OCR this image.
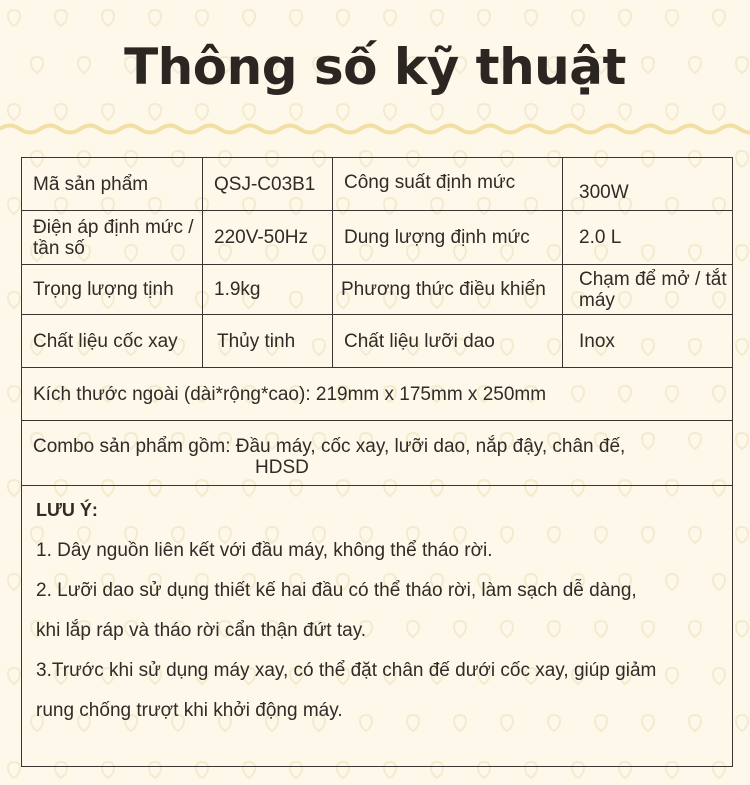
Thông số kỹ thuật
Mã sản phẩm	QSJ-C03B1	Công suất định mức	300W
Điện áp định mức / tần số	220V-50Hz	Dung lượng định mức	2.0 L
Trọng lượng tịnh	1.9kg	Phương thức điều khiển	Chạm để mở / tắt máy
Chất liệu cốc xay	Thủy tinh	Chất liệu lưỡi dao	Inox
Kích thước ngoài (dài*rộng*cao): 219mm x 175mm x 250mm
Combo sản phẩm gồm: Đầu máy, cốc xay, lưỡi dao, nắp đậy, chân đế,
HDSD
LƯU Ý:
1. Dây nguồn liên kết với đầu máy, không thể tháo rời.
2. Lưỡi dao sử dụng thiết kế hai đầu có thể tháo rời, làm sạch dễ dàng,
khi lắp ráp và tháo rời cẩn thận đứt tay.
3.Trước khi sử dụng máy xay, có thể đặt chân đế dưới cốc xay, giúp giảm
rung chống trượt khi khởi động máy.
